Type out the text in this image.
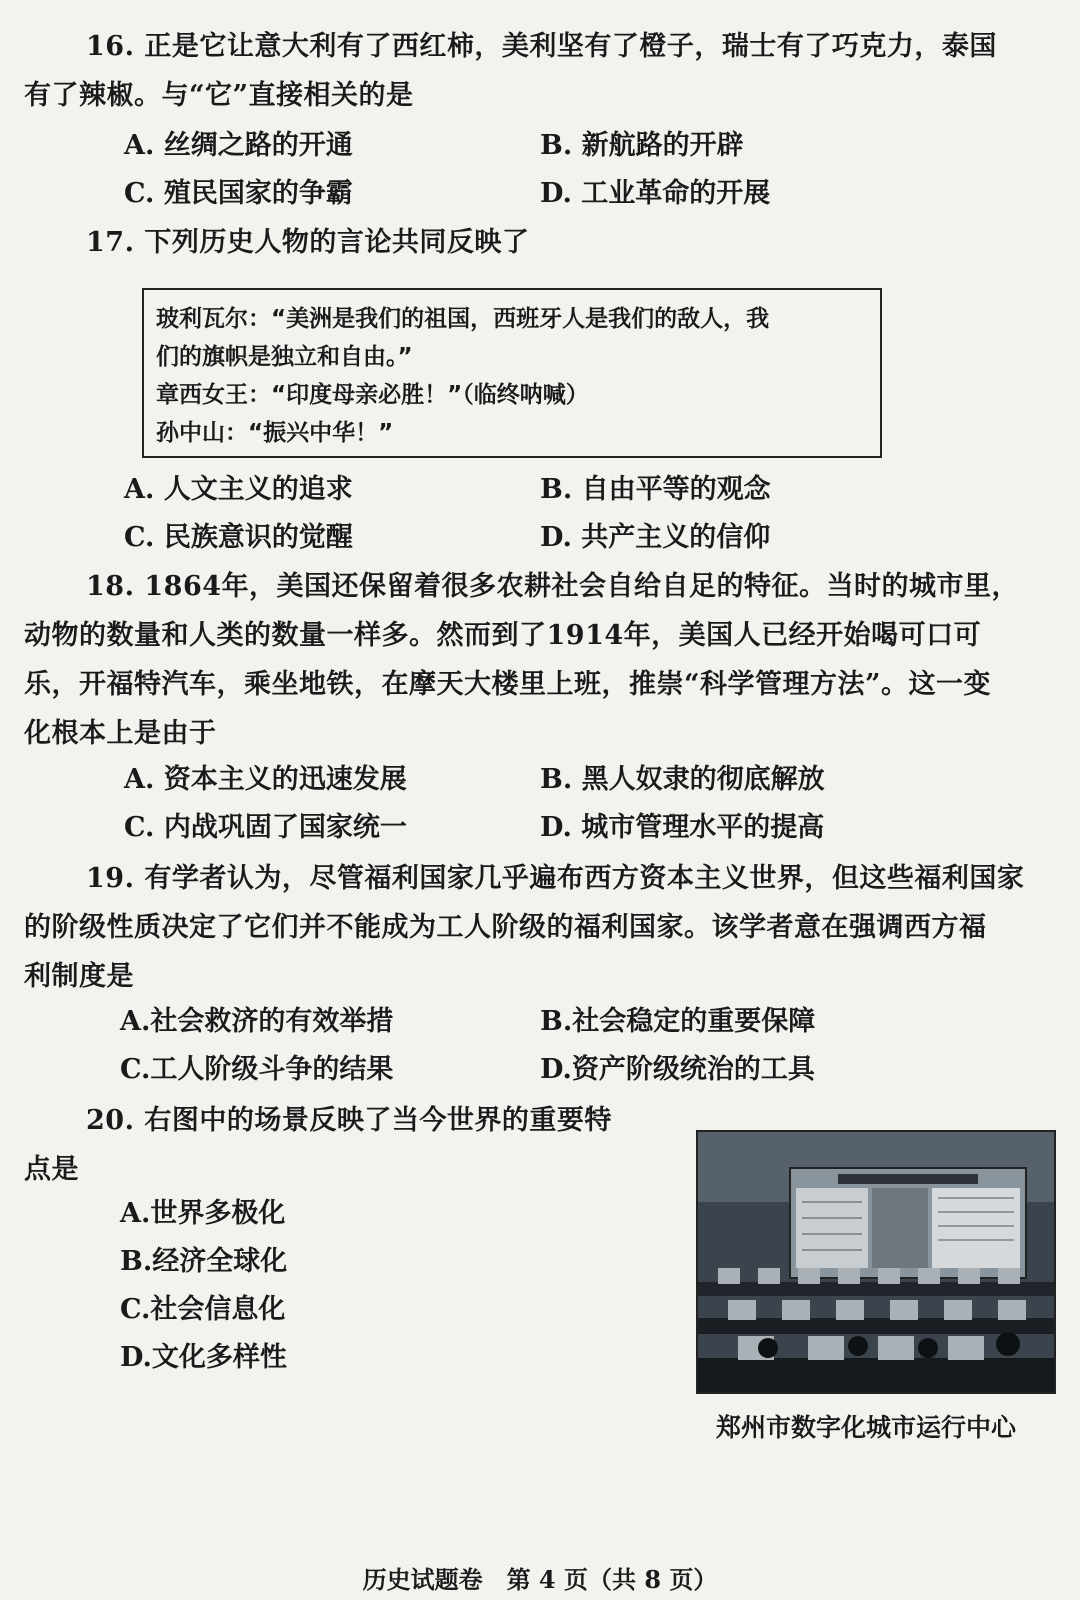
16. 正是它让意大利有了西红柿，美利坚有了橙子，瑞士有了巧克力，泰国
有了辣椒。与“它”直接相关的是
A. 丝绸之路的开通	B. 新航路的开辟
C. 殖民国家的争霸	D. 工业革命的开展
17. 下列历史人物的言论共同反映了
玻利瓦尔：“美洲是我们的祖国，西班牙人是我们的敌人，我
们的旗帜是独立和自由。”
章西女王：“印度母亲必胜！”（临终呐喊）
孙中山：“振兴中华！”
A. 人文主义的追求	B. 自由平等的观念
C. 民族意识的觉醒	D. 共产主义的信仰
18. 1864年，美国还保留着很多农耕社会自给自足的特征。当时的城市里，
动物的数量和人类的数量一样多。然而到了1914年，美国人已经开始喝可口可
乐，开福特汽车，乘坐地铁，在摩天大楼里上班，推崇“科学管理方法”。这一变
化根本上是由于
A. 资本主义的迅速发展	B. 黑人奴隶的彻底解放
C. 内战巩固了国家统一	D. 城市管理水平的提高
19. 有学者认为，尽管福利国家几乎遍布西方资本主义世界，但这些福利国家
的阶级性质决定了它们并不能成为工人阶级的福利国家。该学者意在强调西方福
利制度是
A.社会救济的有效举措	B.社会稳定的重要保障
C.工人阶级斗争的结果	D.资产阶级统治的工具
20. 右图中的场景反映了当今世界的重要特
点是
A.世界多极化
B.经济全球化
C.社会信息化
D.文化多样性
郑州市数字化城市运行中心
历史试题卷　第 4 页（共 8 页）
